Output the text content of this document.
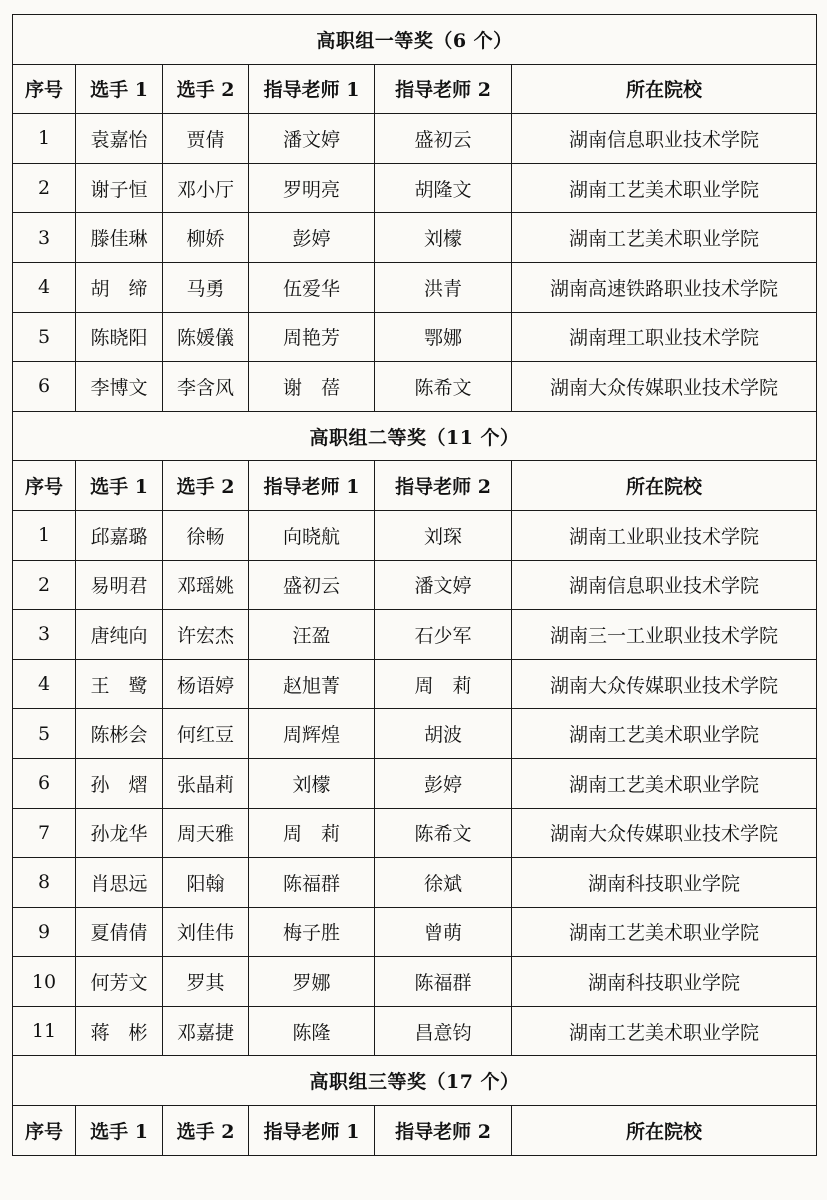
高职组一等奖（6 个）					
序号	选手 1	选手 2	指导老师 1	指导老师 2	所在院校
1	袁嘉怡	贾倩	潘文婷	盛初云	湖南信息职业技术学院
2	谢子恒	邓小厅	罗明亮	胡隆文	湖南工艺美术职业学院
3	滕佳琳	柳娇	彭婷	刘檬	湖南工艺美术职业学院
4	胡　缔	马勇	伍爱华	洪青	湖南高速铁路职业技术学院
5	陈晓阳	陈媛儀	周艳芳	鄂娜	湖南理工职业技术学院
6	李博文	李含风	谢　蓓	陈希文	湖南大众传媒职业技术学院
高职组二等奖（11 个）					
序号	选手 1	选手 2	指导老师 1	指导老师 2	所在院校
1	邱嘉璐	徐畅	向晓航	刘琛	湖南工业职业技术学院
2	易明君	邓瑶姚	盛初云	潘文婷	湖南信息职业技术学院
3	唐纯向	许宏杰	汪盈	石少军	湖南三一工业职业技术学院
4	王　鹭	杨语婷	赵旭菁	周　莉	湖南大众传媒职业技术学院
5	陈彬会	何红豆	周辉煌	胡波	湖南工艺美术职业学院
6	孙　熠	张晶莉	刘檬	彭婷	湖南工艺美术职业学院
7	孙龙华	周天雅	周　莉	陈希文	湖南大众传媒职业技术学院
8	肖思远	阳翰	陈福群	徐斌	湖南科技职业学院
9	夏倩倩	刘佳伟	梅子胜	曾萌	湖南工艺美术职业学院
10	何芳文	罗其	罗娜	陈福群	湖南科技职业学院
11	蒋　彬	邓嘉捷	陈隆	昌意钧	湖南工艺美术职业学院
高职组三等奖（17 个）					
序号	选手 1	选手 2	指导老师 1	指导老师 2	所在院校
